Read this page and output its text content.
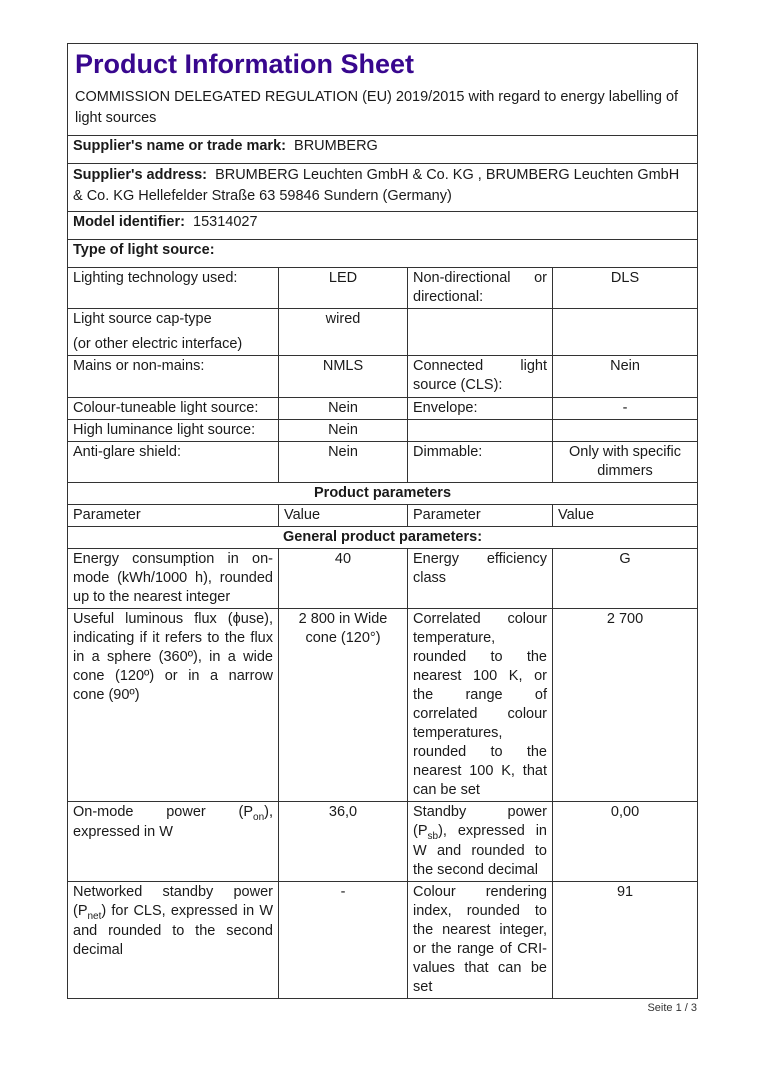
Product Information Sheet
COMMISSION DELEGATED REGULATION (EU) 2019/2015 with regard to energy labelling of light sources			

Supplier's name or trade mark: BRUMBERG			
Supplier's address: BRUMBERG Leuchten GmbH & Co. KG , BRUMBERG Leuchten GmbH & Co. KG Hellefelder Straße 63 59846 Sundern (Germany)			
Model identifier: 15314027			
Type of light source:			
Lighting technology used:	LED	Non-directional or directional:	DLS

Light source cap-type
(or other electric interface)	wired		
Mains or non-mains:	NMLS	Connected light source (CLS):	Nein
Colour-tuneable light source:	Nein	Envelope:	-
High luminance light source:	Nein		
Anti-glare shield:	Nein	Dimmable:	Only with specific dimmers
Product parameters			
Parameter	Value	Parameter	Value
General product parameters:			
Energy consumption in on-mode (kWh/1000 h), rounded up to the nearest integer	40	Energy efficiency class	G
Useful luminous flux (ϕuse), indicating if it refers to the flux in a sphere (360º), in a wide cone (120º) or in a narrow cone (90º)	2 800 in Wide cone (120°)	Correlated colour temperature, rounded to the nearest 100 K, or the range of correlated colour temperatures, rounded to the nearest 100 K, that can be set	2 700
On-mode power $(P_{on})$, expressed in W	36,0	Standby power $(P_{sb})$, expressed in W and rounded to the second decimal	0,00
Networked standby power $(P_{net})$ for CLS, expressed in W and rounded to the second decimal	-	Colour rendering index, rounded to the nearest integer, or the range of CRI-values that can be set	91
Seite 1 / 3
